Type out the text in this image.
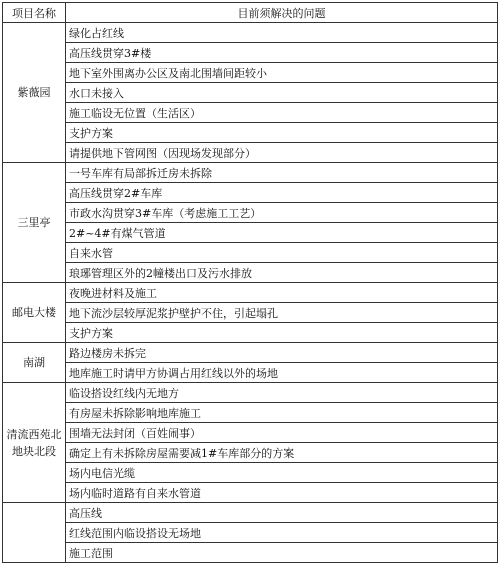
项目名称	目前须解决的问题
紫薇园	绿化占红线
	高压线贯穿3#楼
	地下室外围离办公区及南北围墙间距较小
	水口未接入
	施工临设无位置（生活区）
	支护方案
	请提供地下管网图（因现场发现部分）
三里亭	一号车库有局部拆迁房未拆除
	高压线贯穿2#车库
	市政水沟贯穿3#车库（考虑施工工艺）
	2#~4#有煤气管道
	自来水管
	琅琊管理区外的2幢楼出口及污水排放
邮电大楼	夜晚进材料及施工
	地下流沙层较厚泥浆护壁护不住，引起塌孔
	支护方案
南湖	路边楼房未拆完
	地库施工时请甲方协调占用红线以外的场地
清流西苑北地块北段	临设搭设红线内无地方
	有房屋未拆除影响地库施工
	围墙无法封闭（百姓闹事）
	确定上有未拆除房屋需要减1#车库部分的方案
	场内电信光缆
	场内临时道路有自来水管道
	高压线
	红线范围内临设搭设无场地
	施工范围
